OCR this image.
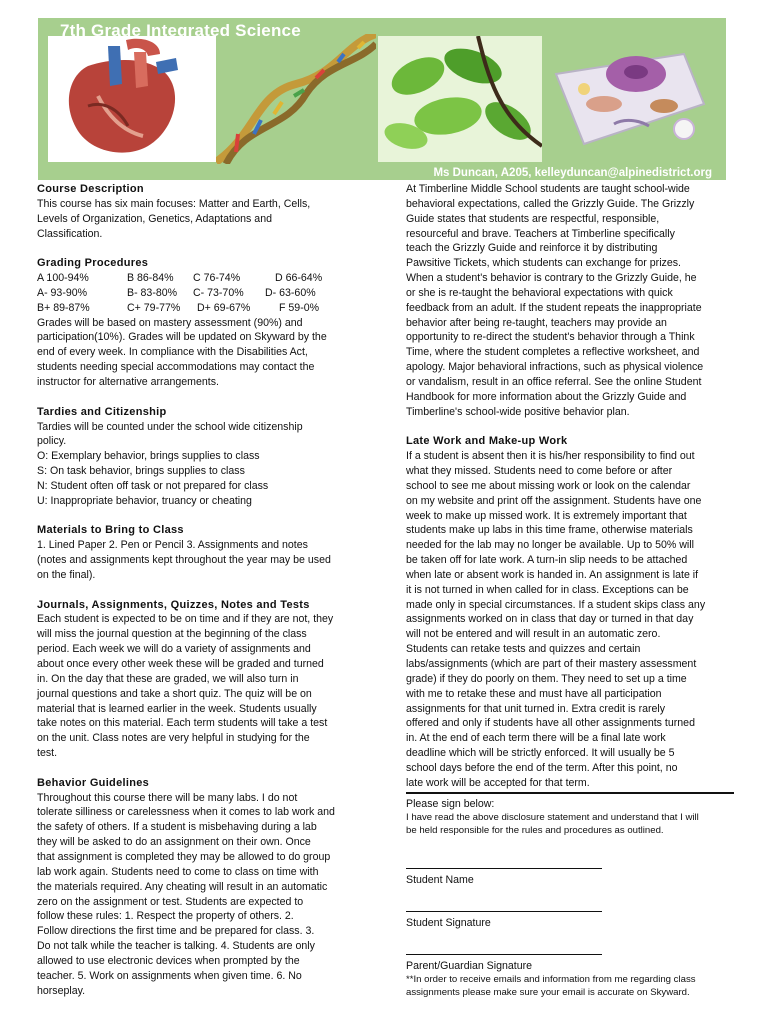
7th Grade Integrated Science
Ms Duncan, A205, kelleyduncan@alpinedistrict.org
Course Description
This course has six main focuses: Matter and Earth, Cells,
Levels of Organization, Genetics, Adaptations and
Classification.
Grading Procedures
A 100-94%	B 86-84%	C 76-74%	D 66-64%
A- 93-90%	B- 83-80%	C- 73-70%	D- 63-60%
B+ 89-87%	C+ 79-77%	D+ 69-67%	F 59-0%
Grades will be based on mastery assessment (90%) and
participation(10%). Grades will be updated on Skyward by the
end of every week. In compliance with the Disabilities Act,
students needing special accommodations may contact the
instructor for alternative arrangements.
Tardies and Citizenship
Tardies will be counted under the school wide citizenship
policy.
O: Exemplary behavior, brings supplies to class
S: On task behavior, brings supplies to class
N: Student often off task or not prepared for class
U: Inappropriate behavior, truancy or cheating
Materials to Bring to Class
1. Lined Paper 2. Pen or Pencil 3. Assignments and notes
(notes and assignments kept throughout the year may be used
on the final).
Journals, Assignments, Quizzes, Notes and Tests
Each student is expected to be on time and if they are not, they
will miss the journal question at the beginning of the class
period. Each week we will do a variety of assignments and
about once every other week these will be graded and turned
in. On the day that these are graded, we will also turn in
journal questions and take a short quiz. The quiz will be on
material that is learned earlier in the week. Students usually
take notes on this material. Each term students will take a test
on the unit. Class notes are very helpful in studying for the
test.
Behavior Guidelines
Throughout this course there will be many labs. I do not
tolerate silliness or carelessness when it comes to lab work and
the safety of others. If a student is misbehaving during a lab
they will be asked to do an assignment on their own. Once
that assignment is completed they may be allowed to do group
lab work again. Students need to come to class on time with
the materials required. Any cheating will result in an automatic
zero on the assignment or test. Students are expected to
follow these rules: 1. Respect the property of others. 2.
Follow directions the first time and be prepared for class. 3.
Do not talk while the teacher is talking. 4. Students are only
allowed to use electronic devices when prompted by the
teacher. 5. Work on assignments when given time. 6. No
horseplay.
At Timberline Middle School students are taught school-wide
behavioral expectations, called the Grizzly Guide. The Grizzly
Guide states that students are respectful, responsible,
resourceful and brave. Teachers at Timberline specifically
teach the Grizzly Guide and reinforce it by distributing
Pawsitive Tickets, which students can exchange for prizes.
When a student's behavior is contrary to the Grizzly Guide, he
or she is re-taught the behavioral expectations with quick
feedback from an adult. If the student repeats the inappropriate
behavior after being re-taught, teachers may provide an
opportunity to re-direct the student's behavior through a Think
Time, where the student completes a reflective worksheet, and
apology. Major behavioral infractions, such as physical violence
or vandalism, result in an office referral. See the online Student
Handbook for more information about the Grizzly Guide and
Timberline's school-wide positive behavior plan.
Late Work and Make-up Work
If a student is absent then it is his/her responsibility to find out
what they missed. Students need to come before or after
school to see me about missing work or look on the calendar
on my website and print off the assignment. Students have one
week to make up missed work. It is extremely important that
students make up labs in this time frame, otherwise materials
needed for the lab may no longer be available. Up to 50% will
be taken off for late work. A turn-in slip needs to be attached
when late or absent work is handed in. An assignment is late if
it is not turned in when called for in class. Exceptions can be
made only in special circumstances. If a student skips class any
assignments worked on in class that day or turned in that day
will not be entered and will result in an automatic zero.
Students can retake tests and quizzes and certain
labs/assignments (which are part of their mastery assessment
grade) if they do poorly on them. They need to set up a time
with me to retake these and must have all participation
assignments for that unit turned in. Extra credit is rarely
offered and only if students have all other assignments turned
in. At the end of each term there will be a final late work
deadline which will be strictly enforced. It will usually be 5
school days before the end of the term. After this point, no
late work will be accepted for that term.
Please sign below:
I have read the above disclosure statement and understand that I will
be held responsible for the rules and procedures as outlined.
Student Name
Student Signature
Parent/Guardian Signature
**In order to receive emails and information from me regarding class
assignments please make sure your email is accurate on Skyward.
